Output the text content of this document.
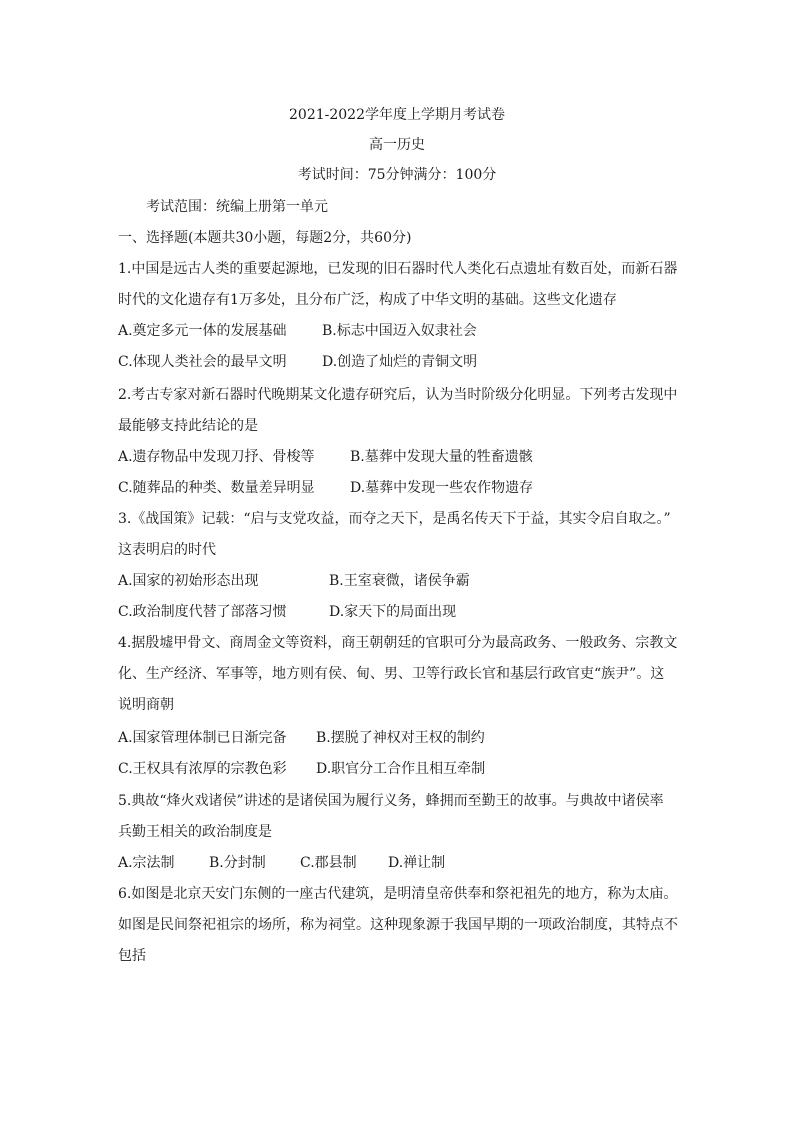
2021-2022学年度上学期月考试卷
高一历史
考试时间：75分钟满分：100分
考试范围：统编上册第一单元
一、选择题(本题共30小题，每题2分，共60分)
1.中国是远古人类的重要起源地，已发现的旧石器时代人类化石点遗址有数百处，而新石器
时代的文化遗存有1万多处，且分布广泛，构成了中华文明的基础。这些文化遗存
A.奠定多元一体的发展基础	B.标志中国迈入奴隶社会
C.体现人类社会的最早文明	D.创造了灿烂的青铜文明
2.考古专家对新石器时代晚期某文化遗存研究后，认为当时阶级分化明显。下列考古发现中
最能够支持此结论的是
A.遗存物品中发现刀抒、骨梭等	B.墓葬中发现大量的牲畜遗骸
C.随葬品的种类、数量差异明显	D.墓葬中发现一些农作物遗存
3.《战国策》记载：“启与支党攻益，而夺之天下，是禹名传天下于益，其实令启自取之。”
这表明启的时代
A.国家的初始形态出现	B.王室衰微，诸侯争霸
C.政治制度代替了部落习惯	D.家天下的局面出现
4.据殷墟甲骨文、商周金文等资料，商王朝朝廷的官职可分为最高政务、一般政务、宗教文
化、生产经济、军事等，地方则有侯、甸、男、卫等行政长官和基层行政官吏“族尹”。这
说明商朝
A.国家管理体制已日渐完备 B.摆脱了神权对王权的制约
C.王权具有浓厚的宗教色彩 D.职官分工合作且相互牵制
5.典故“烽火戏诸侯”讲述的是诸侯国为履行义务，蜂拥而至勤王的故事。与典故中诸侯率
兵勤王相关的政治制度是
A.宗法制 B.分封制 C.郡县制 D.禅让制
6.如图是北京天安门东侧的一座古代建筑，是明清皇帝供奉和祭祀祖先的地方，称为太庙。
如图是民间祭祀祖宗的场所，称为祠堂。这种现象源于我国早期的一项政治制度，其特点不
包括
